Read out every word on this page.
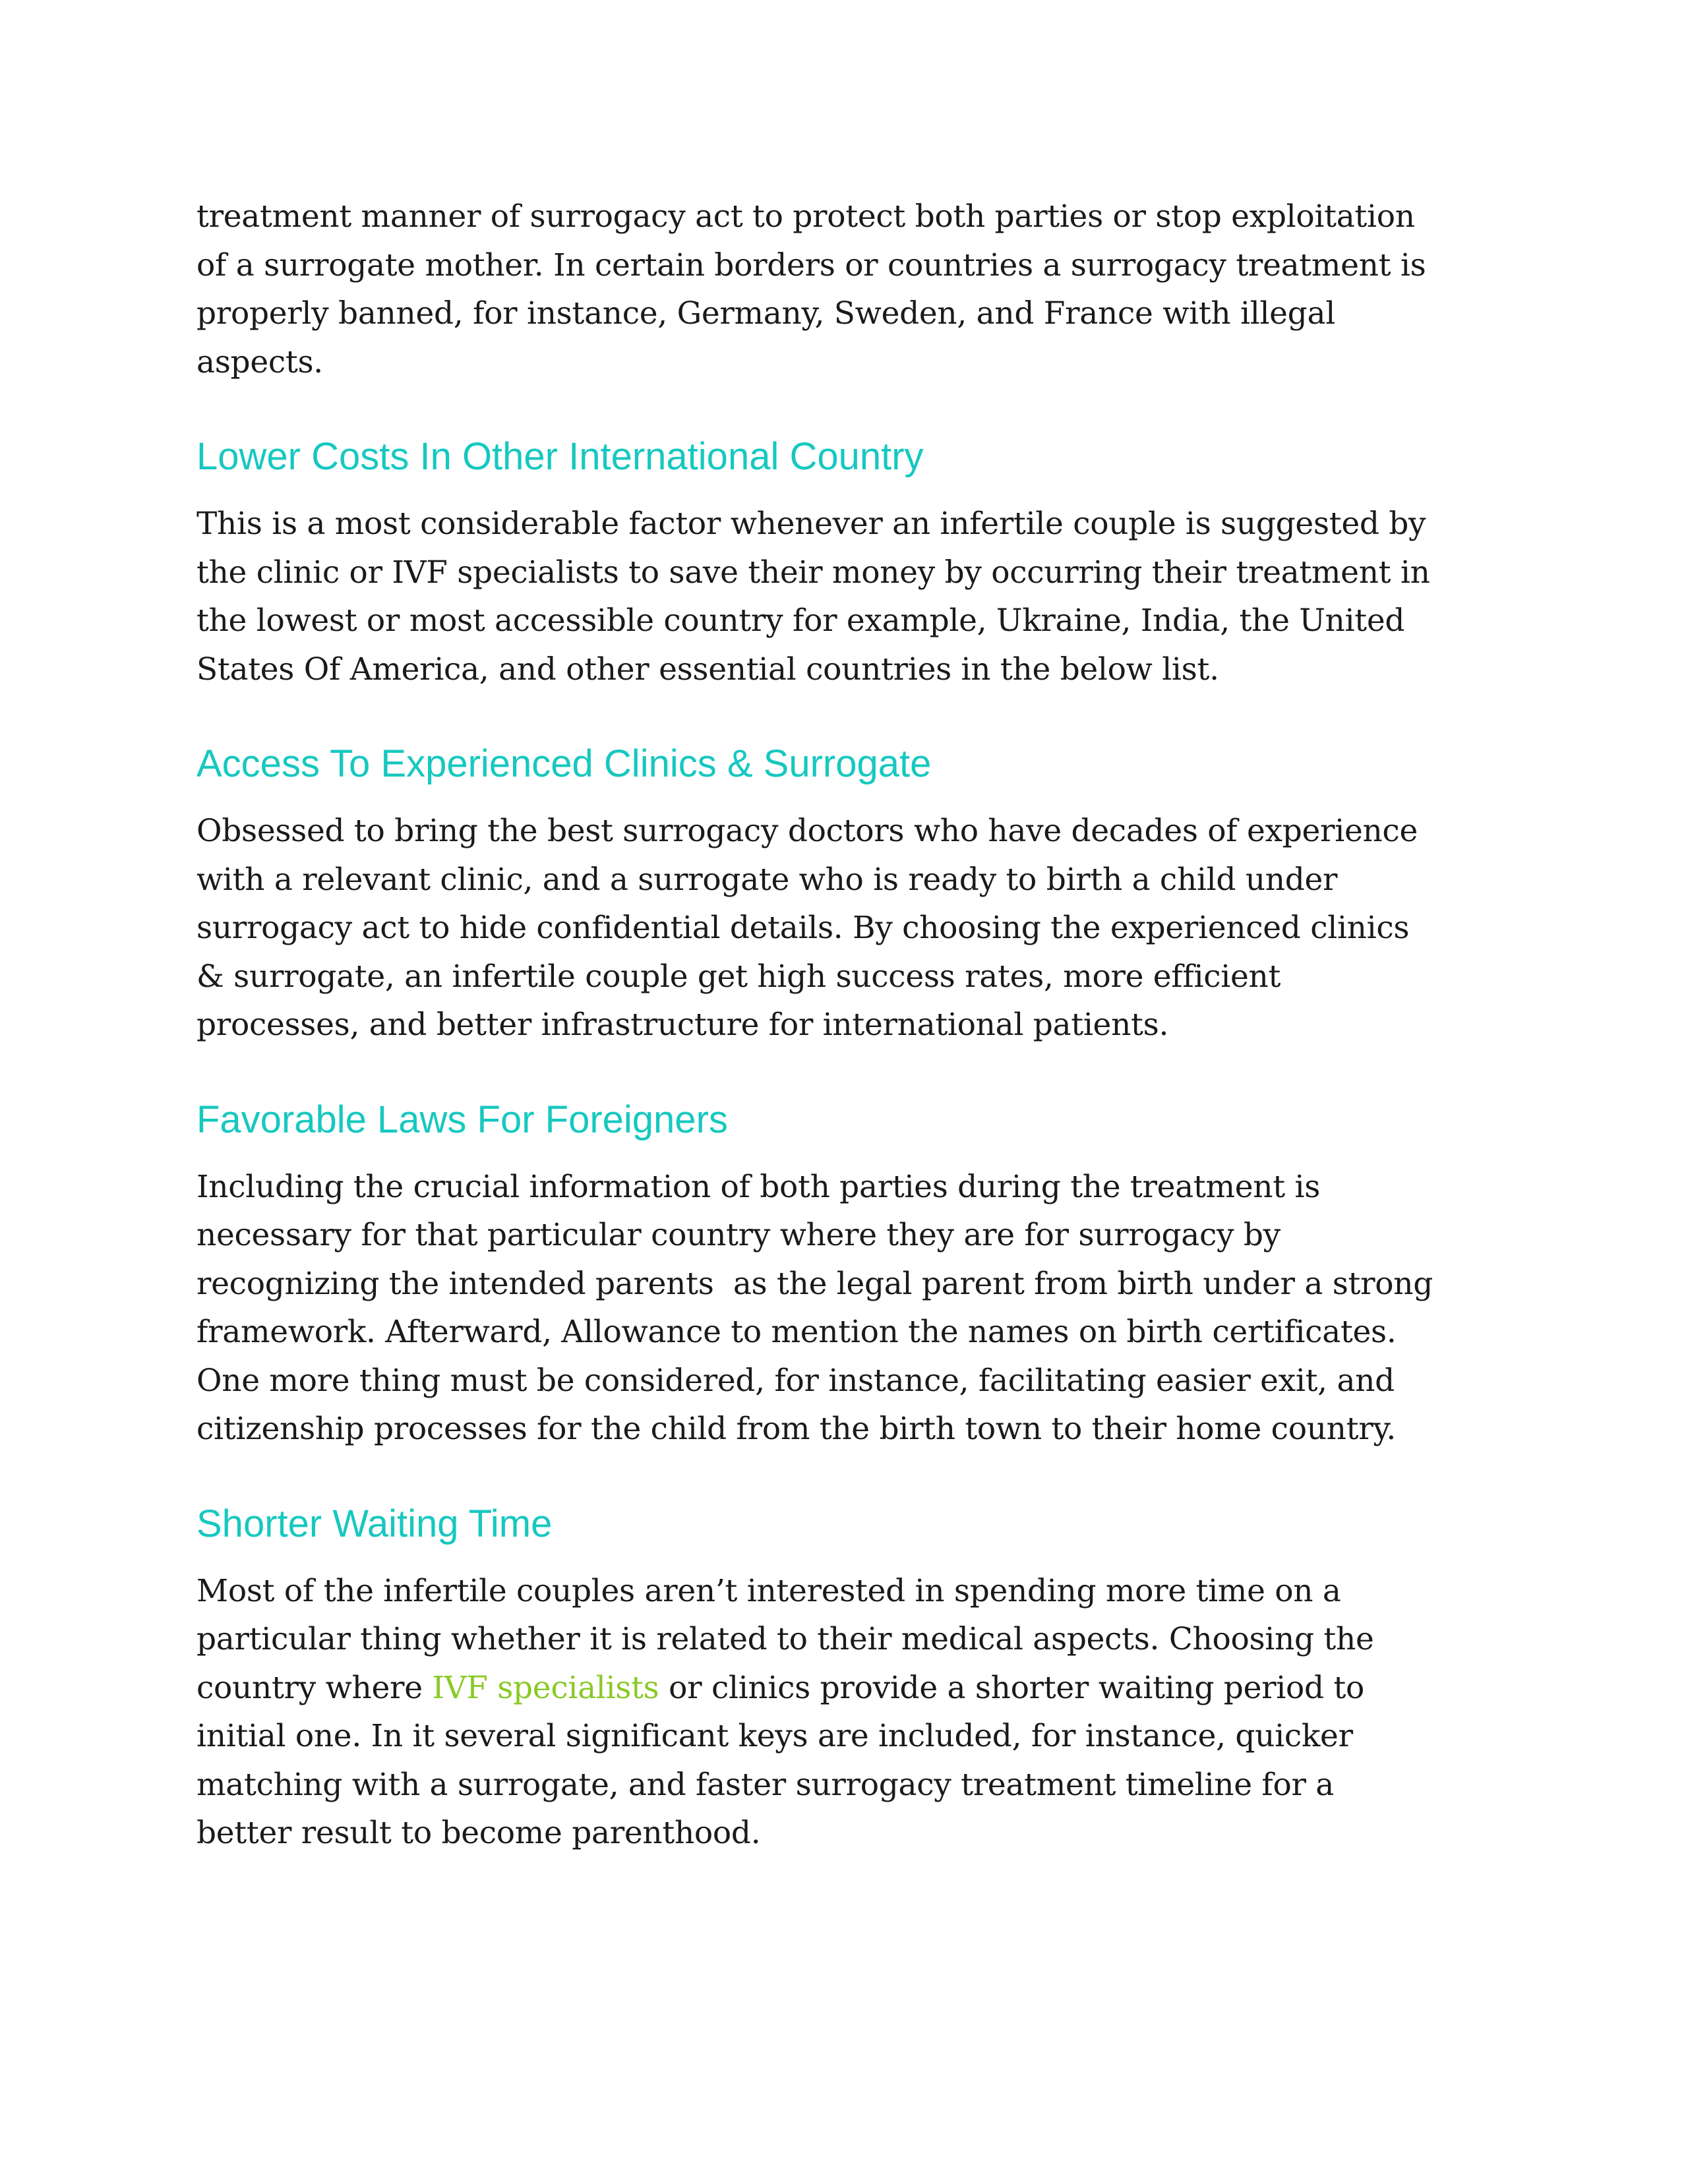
treatment manner of surrogacy act to protect both parties or stop exploitation
of a surrogate mother. In certain borders or countries a surrogacy treatment is
properly banned, for instance, Germany, Sweden, and France with illegal
aspects.

Lower Costs In Other International Country

This is a most considerable factor whenever an infertile couple is suggested by
the clinic or IVF specialists to save their money by occurring their treatment in
the lowest or most accessible country for example, Ukraine, India, the United
States Of America, and other essential countries in the below list.

Access To Experienced Clinics & Surrogate

Obsessed to bring the best surrogacy doctors who have decades of experience
with a relevant clinic, and a surrogate who is ready to birth a child under
surrogacy act to hide confidential details. By choosing the experienced clinics
& surrogate, an infertile couple get high success rates, more efficient
processes, and better infrastructure for international patients.

Favorable Laws For Foreigners

Including the crucial information of both parties during the treatment is
necessary for that particular country where they are for surrogacy by
recognizing the intended parents  as the legal parent from birth under a strong
framework. Afterward, Allowance to mention the names on birth certificates.
One more thing must be considered, for instance, facilitating easier exit, and
citizenship processes for the child from the birth town to their home country.

Shorter Waiting Time

Most of the infertile couples aren’t interested in spending more time on a
particular thing whether it is related to their medical aspects. Choosing the
country where IVF specialists or clinics provide a shorter waiting period to
initial one. In it several significant keys are included, for instance, quicker
matching with a surrogate, and faster surrogacy treatment timeline for a
better result to become parenthood.
